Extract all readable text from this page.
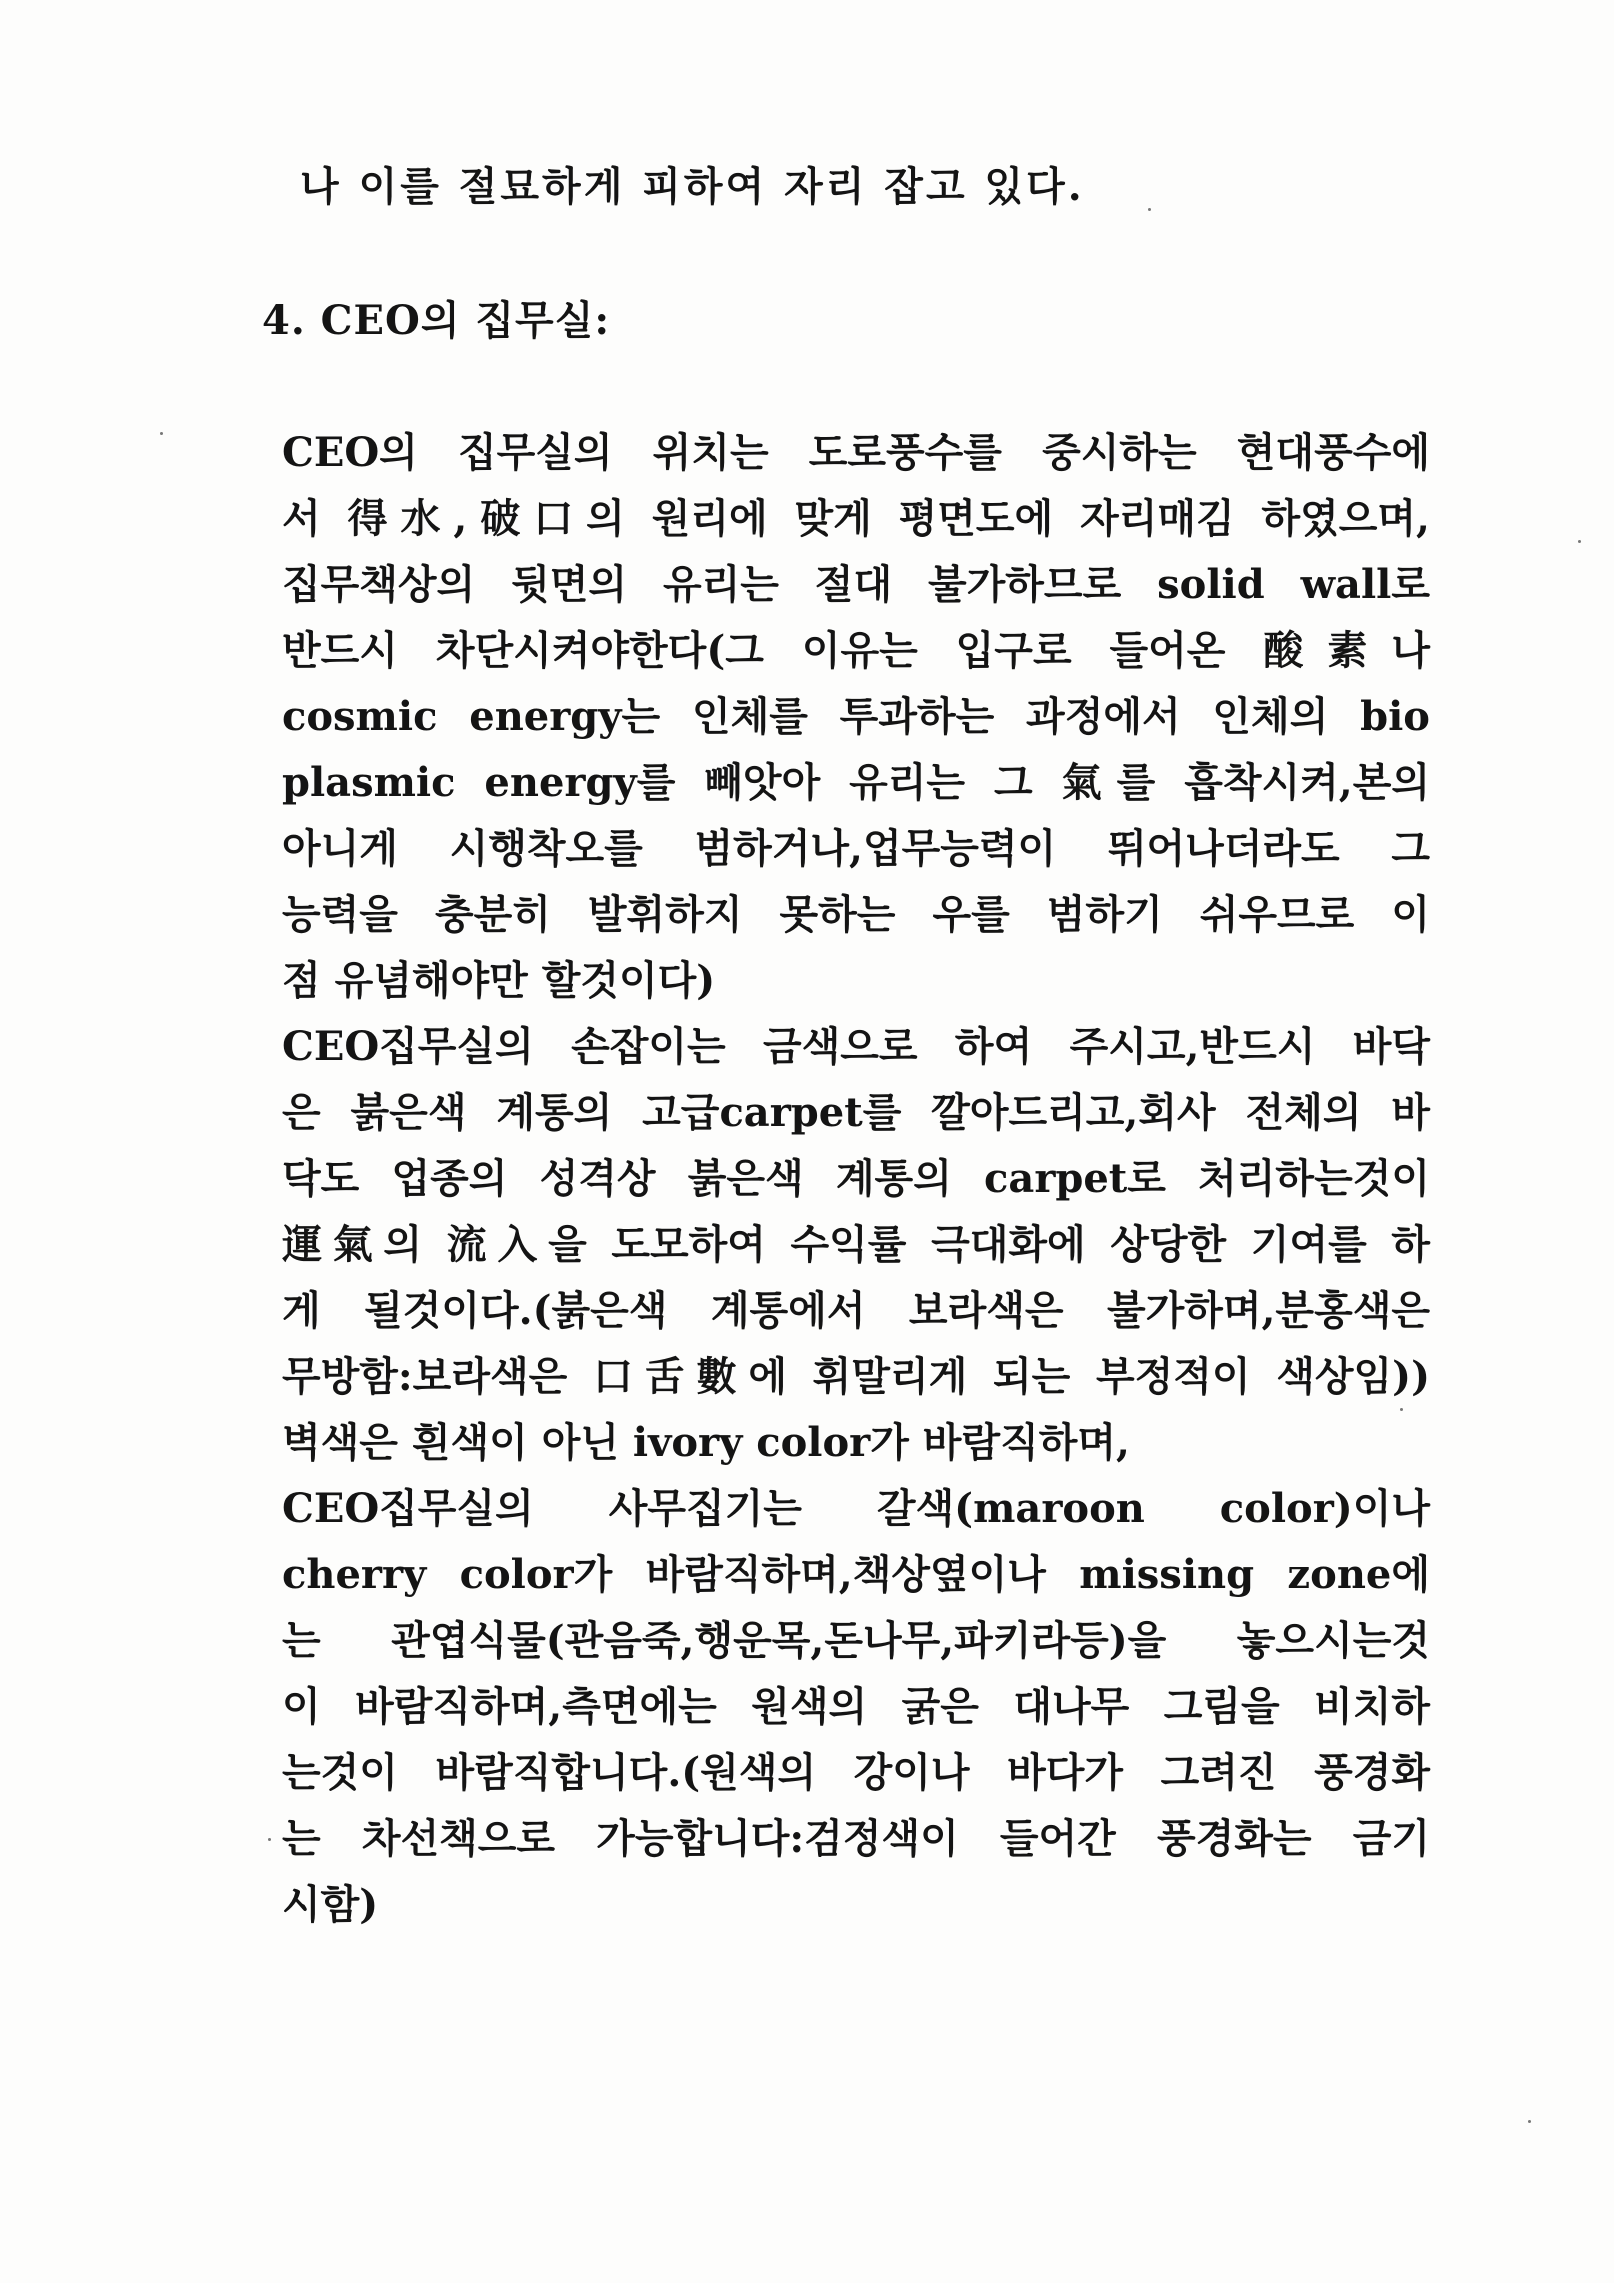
나 이를 절묘하게 피하여 자리 잡고 있다.
4. CEO의 집무실:
CEO의 집무실의 위치는 도로풍수를 중시하는 현대풍수에
서 得水,破口의 원리에 맞게 평면도에 자리매김 하였으며,
집무책상의 뒷면의 유리는 절대 불가하므로 solid wall로
반드시 차단시켜야한다(그 이유는 입구로 들어온 酸素나
cosmic energy는 인체를 투과하는 과정에서 인체의 bio
plasmic energy를 빼앗아 유리는 그 氣를 흡착시켜,본의
아니게 시행착오를 범하거나,업무능력이 뛰어나더라도 그
능력을 충분히 발휘하지 못하는 우를 범하기 쉬우므로 이
점 유념해야만 할것이다)
CEO집무실의 손잡이는 금색으로 하여 주시고,반드시 바닥
은 붉은색 계통의 고급carpet를 깔아드리고,회사 전체의 바
닥도 업종의 성격상 붉은색 계통의 carpet로 처리하는것이
運氣의 流入을 도모하여 수익률 극대화에 상당한 기여를 하
게 될것이다.(붉은색 계통에서 보라색은 불가하며,분홍색은
무방함:보라색은 口舌數에 휘말리게 되는 부정적이 색상임))
벽색은 흰색이 아닌 ivory color가 바람직하며,
CEO집무실의 사무집기는 갈색(maroon color)이나
cherry color가 바람직하며,책상옆이나 missing zone에
는 관엽식물(관음죽,행운목,돈나무,파키라등)을 놓으시는것
이 바람직하며,측면에는 원색의 굵은 대나무 그림을 비치하
는것이 바람직합니다.(원색의 강이나 바다가 그려진 풍경화
는 차선책으로 가능합니다:검정색이 들어간 풍경화는 금기
시함)
